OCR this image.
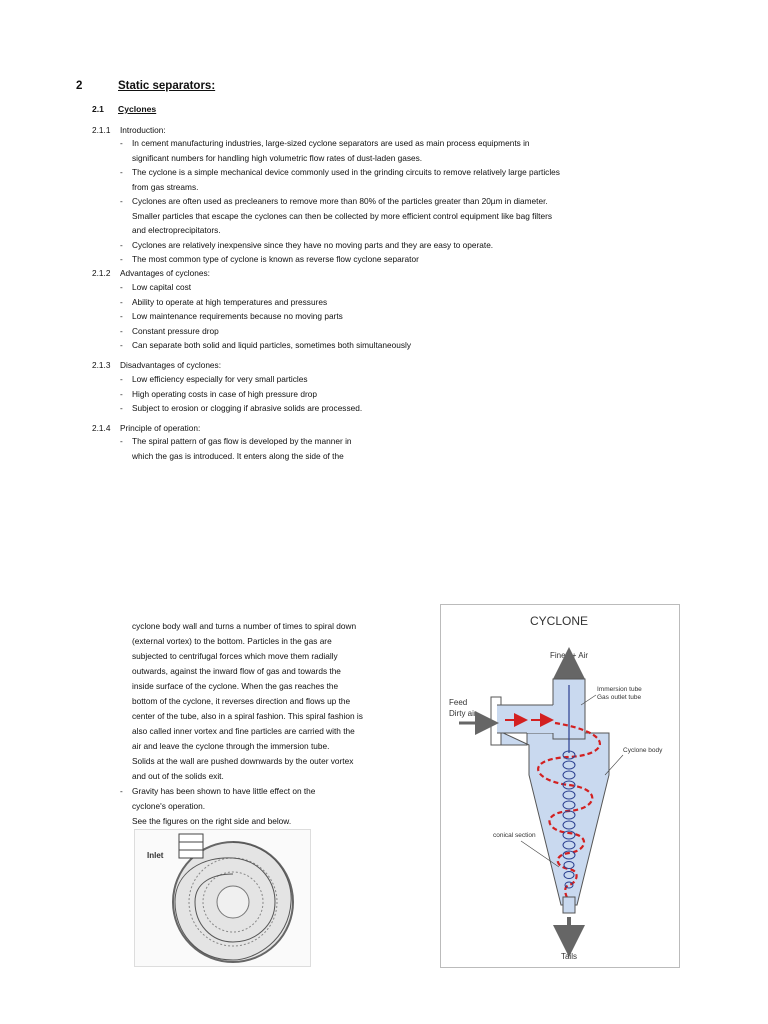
2	Static separators:
2.1 Cyclones
2.1.1 Introduction:
- In cement manufacturing industries, large-sized cyclone separators are used as main process equipments in
significant numbers for handling high volumetric flow rates of dust-laden gases.
- The cyclone is a simple mechanical device commonly used in the grinding circuits to remove relatively large particles
from gas streams.
- Cyclones are often used as precleaners to remove more than 80% of the particles greater than 20µm in diameter.
Smaller particles that escape the cyclones can then be collected by more efficient control equipment like bag filters
and electroprecipitators.
- Cyclones are relatively inexpensive since they have no moving parts and they are easy to operate.
- The most common type of cyclone is known as reverse flow cyclone separator
2.1.2 Advantages of cyclones:
- Low capital cost
- Ability to operate at high temperatures and pressures
- Low maintenance requirements because no moving parts
- Constant pressure drop
- Can separate both solid and liquid particles, sometimes both simultaneously
2.1.3 Disadvantages of cyclones:
- Low efficiency especially for very small particles
- High operating costs in case of high pressure drop
- Subject to erosion or clogging if abrasive solids are processed.
2.1.4 Principle of operation:
- The spiral pattern of gas flow is developed by the manner in
which the gas is introduced. It enters along the side of the
cyclone body wall and turns a number of times to spiral down
(external vortex) to the bottom. Particles in the gas are
subjected to centrifugal forces which move them radially
outwards, against the inward flow of gas and towards the
inside surface of the cyclone. When the gas reaches the
bottom of the cyclone, it reverses direction and flows up the
center of the tube, also in a spiral fashion. This spiral fashion is
also called inner vortex and fine particles are carried with the
air and leave the cyclone through the immersion tube.
Solids at the wall are pushed downwards by the outer vortex
and out of the solids exit.
- Gravity has been shown to have little effect on the
cyclone's operation.
See the figures on the right side and below.
CYCLONE
Fines + Air
Feed
Dirty air
Tails
Immersion tube
Gas outlet tube
Cyclone body
conical section
Inlet
